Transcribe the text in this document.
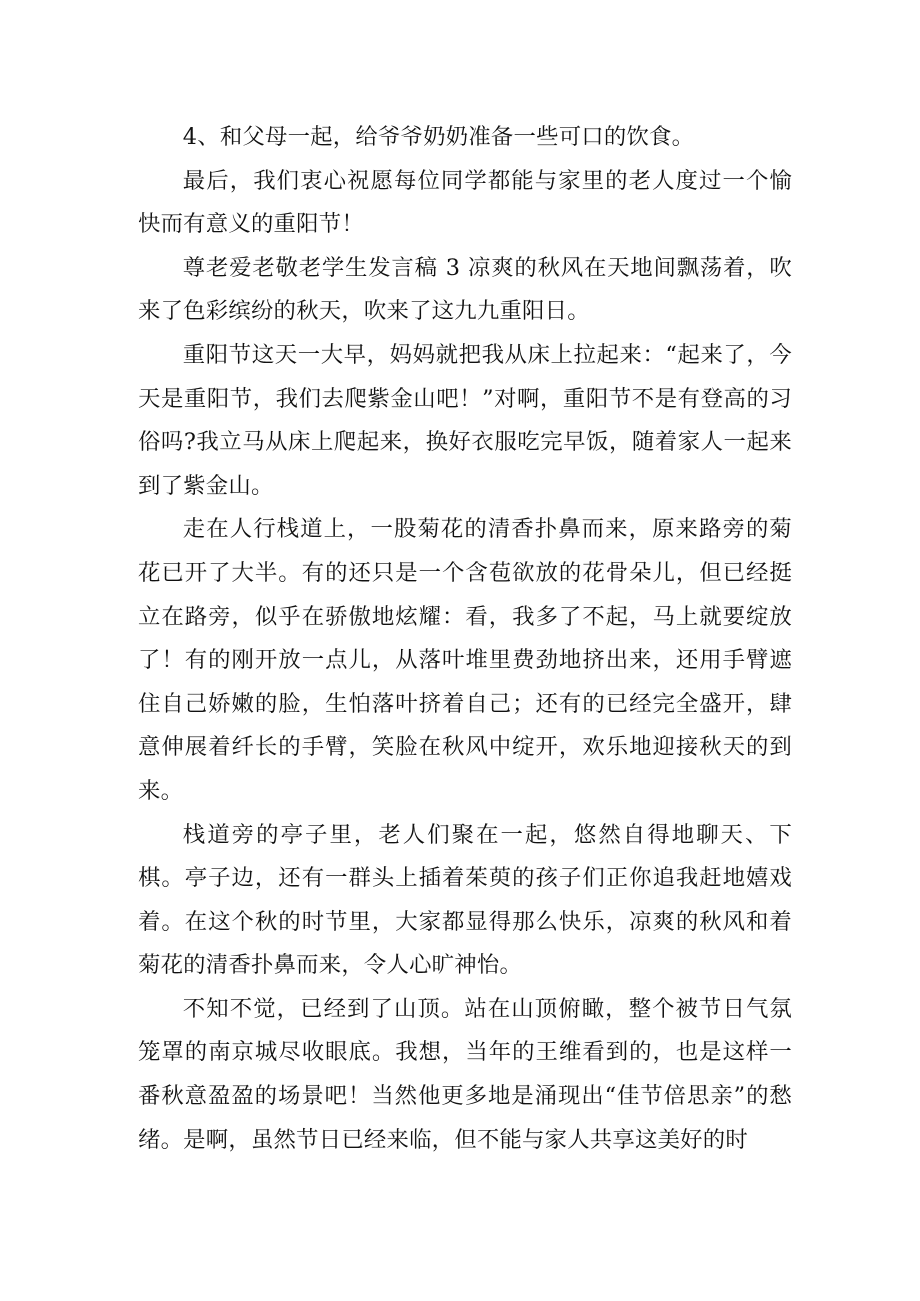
4、和父母一起，给爷爷奶奶准备一些可口的饮食。

最后，我们衷心祝愿每位同学都能与家里的老人度过一个愉快而有意义的重阳节！

尊老爱老敬老学生发言稿 3 凉爽的秋风在天地间飘荡着，吹来了色彩缤纷的秋天，吹来了这九九重阳日。

重阳节这天一大早，妈妈就把我从床上拉起来：“起来了，今天是重阳节，我们去爬紫金山吧！”对啊，重阳节不是有登高的习俗吗?我立马从床上爬起来，换好衣服吃完早饭，随着家人一起来到了紫金山。

走在人行栈道上，一股菊花的清香扑鼻而来，原来路旁的菊花已开了大半。有的还只是一个含苞欲放的花骨朵儿，但已经挺立在路旁，似乎在骄傲地炫耀：看，我多了不起，马上就要绽放了！有的刚开放一点儿，从落叶堆里费劲地挤出来，还用手臂遮住自己娇嫩的脸，生怕落叶挤着自己；还有的已经完全盛开，肆意伸展着纤长的手臂，笑脸在秋风中绽开，欢乐地迎接秋天的到来。

栈道旁的亭子里，老人们聚在一起，悠然自得地聊天、下棋。亭子边，还有一群头上插着茱萸的孩子们正你追我赶地嬉戏着。在这个秋的时节里，大家都显得那么快乐，凉爽的秋风和着菊花的清香扑鼻而来，令人心旷神怡。

不知不觉，已经到了山顶。站在山顶俯瞰，整个被节日气氛笼罩的南京城尽收眼底。我想，当年的王维看到的，也是这样一番秋意盈盈的场景吧！当然他更多地是涌现出“佳节倍思亲”的愁绪。是啊，虽然节日已经来临，但不能与家人共享这美好的时
